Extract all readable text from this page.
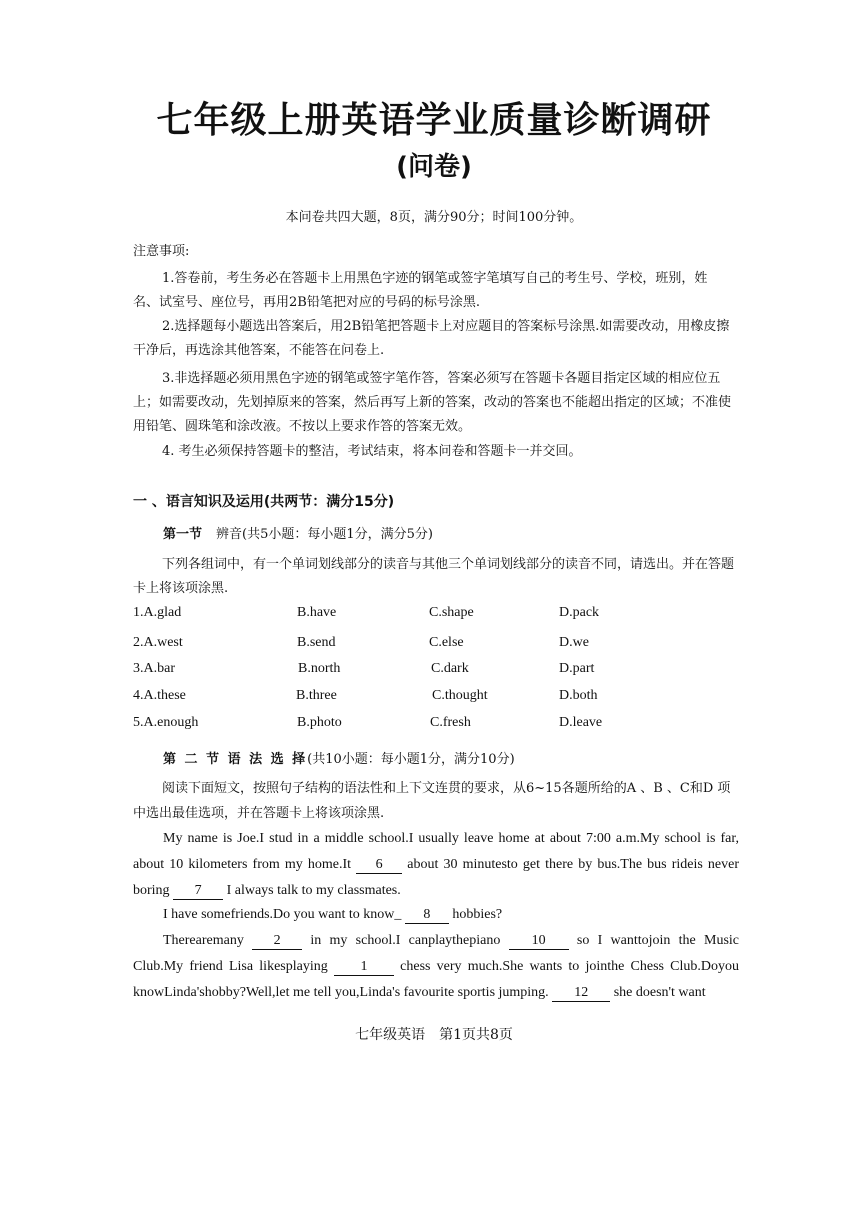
七年级上册英语学业质量诊断调研
(问卷)
本问卷共四大题，8页，满分90分；时间100分钟。
注意事项:
1.答卷前，考生务必在答题卡上用黑色字迹的钢笔或签字笔填写自己的考生号、学校，班别，姓名、试室号、座位号，再用2B铅笔把对应的号码的标号涂黑.
2.选择题每小题选出答案后，用2B铅笔把答题卡上对应题目的答案标号涂黑.如需要改动，用橡皮擦干净后，再选涂其他答案，不能答在问卷上.
3.非选择题必须用黑色字迹的钢笔或签字笔作答，答案必须写在答题卡各题目指定区域的相应位五上；如需要改动，先划掉原来的答案，然后再写上新的答案，改动的答案也不能超出指定的区域；不准使用铅笔、圆珠笔和涂改液。不按以上要求作答的答案无效。
4. 考生必须保持答题卡的整洁，考试结束，将本问卷和答题卡一并交回。
一 、语言知识及运用(共两节：满分15分)
第一节 辨音(共5小题：每小题1分，满分5分)
下列各组词中，有一个单词划线部分的读音与其他三个单词划线部分的读音不同，请选出。并在答题卡上将该项涂黑.
1.A.glad	B.have	C.shape	D.pack
2.A.west	B.send	C.else	D.we
3.A.bar	B.north	C.dark	D.part
4.A.these	B.three	C.thought	D.both
5.A.enough	B.photo	C.fresh	D.leave
第 二 节 语 法 选 择(共10小题：每小题1分，满分10分)
阅读下面短文，按照句子结构的语法性和上下文连贯的要求，从6~15各题所给的A 、B 、C和D 项中选出最佳选项，并在答题卡上将该项涂黑.
My name is Joe.I stud in a middle school.I usually leave home at about 7:00 a.m.My school is far, about 10 kilometers from my home.It 6 about 30 minutesto get there by bus.The bus rideis never boring 7 I always talk to my classmates.
I have somefriends.Do you want to know_ 8 hobbies?
Therearemany 2 in my school.I canplaythepiano 10 so I wanttojoin the Music Club.My friend Lisa likesplaying 1 chess very much.She wants to jointhe Chess Club.Doyou knowLinda'shobby?Well,let me tell you,Linda's favourite sportis jumping. 12 she doesn't want
七年级英语　第1页共8页
